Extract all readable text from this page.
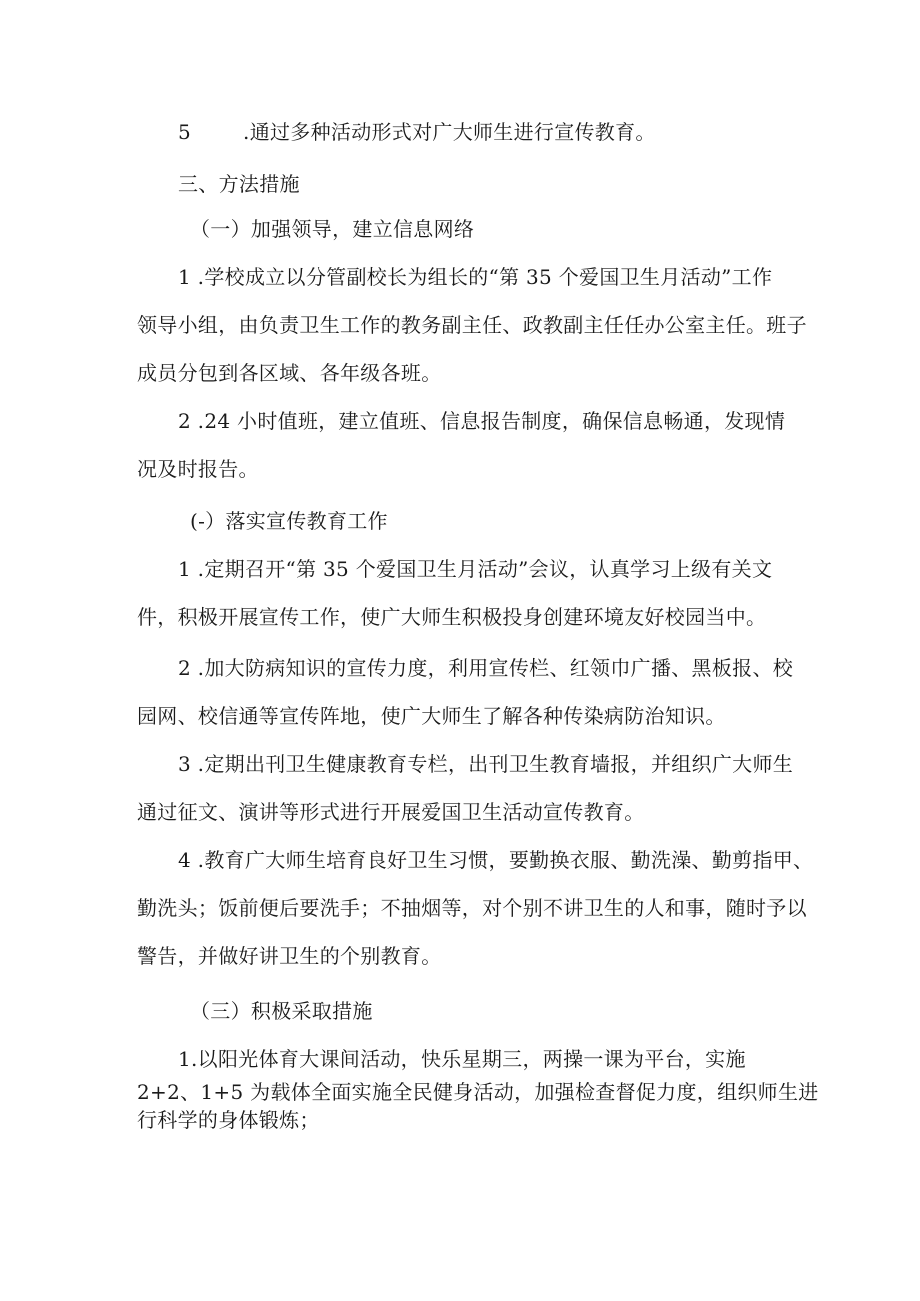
5	.通过多种活动形式对广大师生进行宣传教育。
三、方法措施
（一）加强领导，建立信息网络
1 .学校成立以分管副校长为组长的“第 35 个爱国卫生月活动”工作
领导小组，由负责卫生工作的教务副主任、政教副主任任办公室主任。班子
成员分包到各区域、各年级各班。
2 .24 小时值班，建立值班、信息报告制度，确保信息畅通，发现情
况及时报告。
(-）落实宣传教育工作
1 .定期召开“第 35 个爱国卫生月活动”会议，认真学习上级有关文
件，积极开展宣传工作，使广大师生积极投身创建环境友好校园当中。
2 .加大防病知识的宣传力度，利用宣传栏、红领巾广播、黑板报、校
园网、校信通等宣传阵地，使广大师生了解各种传染病防治知识。
3 .定期出刊卫生健康教育专栏，出刊卫生教育墙报，并组织广大师生
通过征文、演讲等形式进行开展爱国卫生活动宣传教育。
4 .教育广大师生培育良好卫生习惯，要勤换衣服、勤洗澡、勤剪指甲、
勤洗头；饭前便后要洗手；不抽烟等，对个别不讲卫生的人和事，随时予以
警告，并做好讲卫生的个别教育。
（三）积极采取措施
1.以阳光体育大课间活动，快乐星期三，两操一课为平台，实施
2+2、1+5 为载体全面实施全民健身活动，加强检查督促力度，组织师生进
行科学的身体锻炼；
